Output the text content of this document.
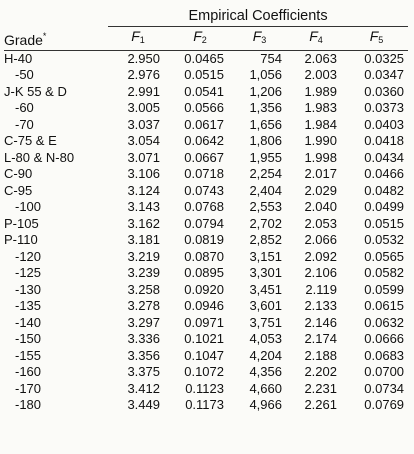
	Empirical Coefficients				

Grade*	$F_1$	$F_2$	$F_3$	$F_4$	$F_5$
H-40	2.950	0.0465	754	2.063	0.0325
-50	2.976	0.0515	1,056	2.003	0.0347
J-K 55 & D	2.991	0.0541	1,206	1.989	0.0360
-60	3.005	0.0566	1,356	1.983	0.0373
-70	3.037	0.0617	1,656	1.984	0.0403
C-75 & E	3.054	0.0642	1,806	1.990	0.0418
L-80 & N-80	3.071	0.0667	1,955	1.998	0.0434
C-90	3.106	0.0718	2,254	2.017	0.0466
C-95	3.124	0.0743	2,404	2.029	0.0482
-100	3.143	0.0768	2,553	2.040	0.0499
P-105	3.162	0.0794	2,702	2.053	0.0515
P-110	3.181	0.0819	2,852	2.066	0.0532
-120	3.219	0.0870	3,151	2.092	0.0565
-125	3.239	0.0895	3,301	2.106	0.0582
-130	3.258	0.0920	3,451	2.119	0.0599
-135	3.278	0.0946	3,601	2.133	0.0615
-140	3.297	0.0971	3,751	2.146	0.0632
-150	3.336	0.1021	4,053	2.174	0.0666
-155	3.356	0.1047	4,204	2.188	0.0683
-160	3.375	0.1072	4,356	2.202	0.0700
-170	3.412	0.1123	4,660	2.231	0.0734
-180	3.449	0.1173	4,966	2.261	0.0769
